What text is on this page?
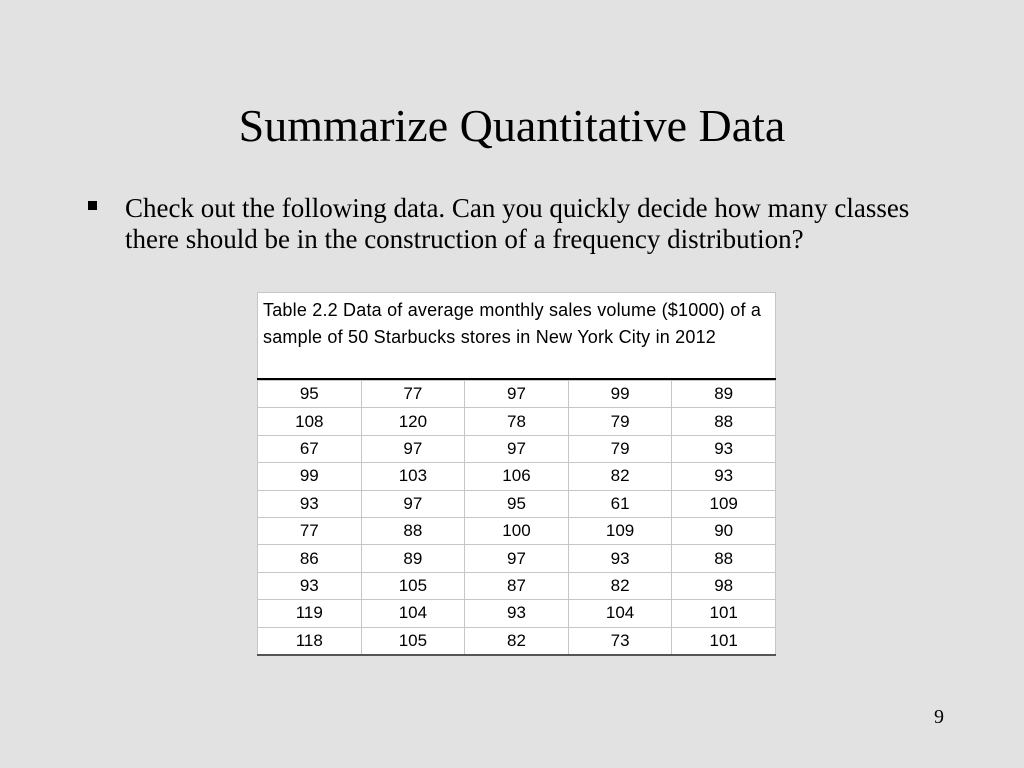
Summarize Quantitative Data
Check out the following data. Can you quickly decide how many classes there should be in the construction of a frequency distribution?
Table 2.2 Data of average monthly sales volume ($1000) of a sample of 50 Starbucks stores in New York City in 2012
95	77	97	99	89
108	120	78	79	88
67	97	97	79	93
99	103	106	82	93
93	97	95	61	109
77	88	100	109	90
86	89	97	93	88
93	105	87	82	98
119	104	93	104	101
118	105	82	73	101
9
